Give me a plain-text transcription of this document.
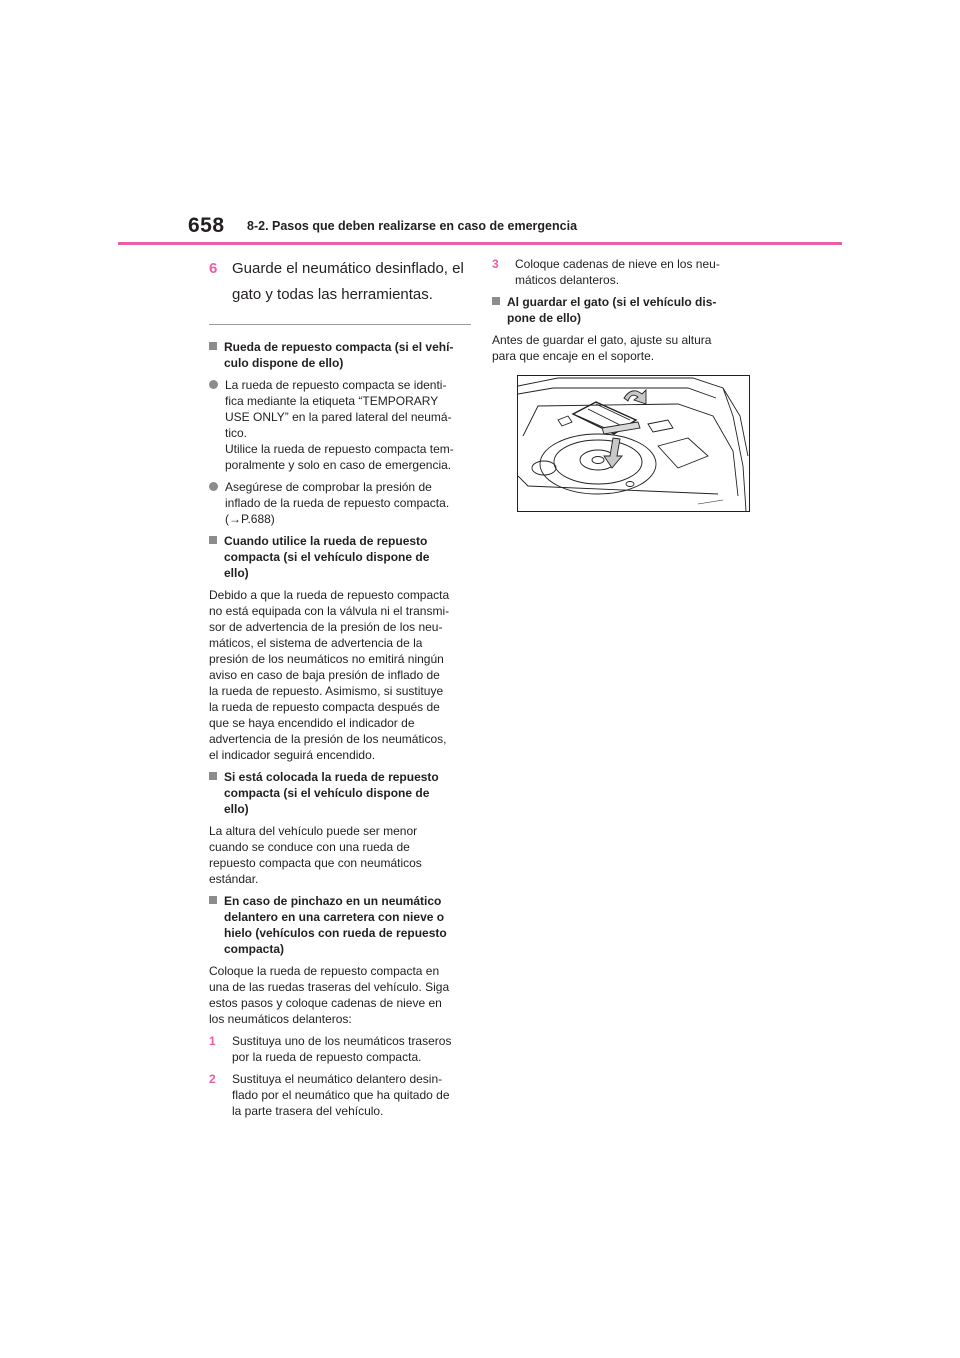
658 8-2. Pasos que deben realizarse en caso de emergencia
6 Guarde el neumático desinflado, el
gato y todas las herramientas.
Rueda de repuesto compacta (si el vehí-
culo dispone de ello)
La rueda de repuesto compacta se identi-
fica mediante la etiqueta “TEMPORARY
USE ONLY” en la pared lateral del neumá-
tico.
Utilice la rueda de repuesto compacta tem-
poralmente y solo en caso de emergencia.
Asegúrese de comprobar la presión de
inflado de la rueda de repuesto compacta.
(→P.688)
Cuando utilice la rueda de repuesto
compacta (si el vehículo dispone de
ello)

Debido a que la rueda de repuesto compacta
no está equipada con la válvula ni el transmi-
sor de advertencia de la presión de los neu-
máticos, el sistema de advertencia de la
presión de los neumáticos no emitirá ningún
aviso en caso de baja presión de inflado de
la rueda de repuesto. Asimismo, si sustituye
la rueda de repuesto compacta después de
que se haya encendido el indicador de
advertencia de la presión de los neumáticos,
el indicador seguirá encendido.

Si está colocada la rueda de repuesto
compacta (si el vehículo dispone de
ello)

La altura del vehículo puede ser menor
cuando se conduce con una rueda de
repuesto compacta que con neumáticos
estándar.

En caso de pinchazo en un neumático
delantero en una carretera con nieve o
hielo (vehículos con rueda de repuesto
compacta)

Coloque la rueda de repuesto compacta en
una de las ruedas traseras del vehículo. Siga
estos pasos y coloque cadenas de nieve en
los neumáticos delanteros:

1	Sustituya uno de los neumáticos traseros
por la rueda de repuesto compacta.
2	Sustituya el neumático delantero desin-
flado por el neumático que ha quitado de
la parte trasera del vehículo.
3	Coloque cadenas de nieve en los neu-
máticos delanteros.
Al guardar el gato (si el vehículo dis-
pone de ello)

Antes de guardar el gato, ajuste su altura
para que encaje en el soporte.
